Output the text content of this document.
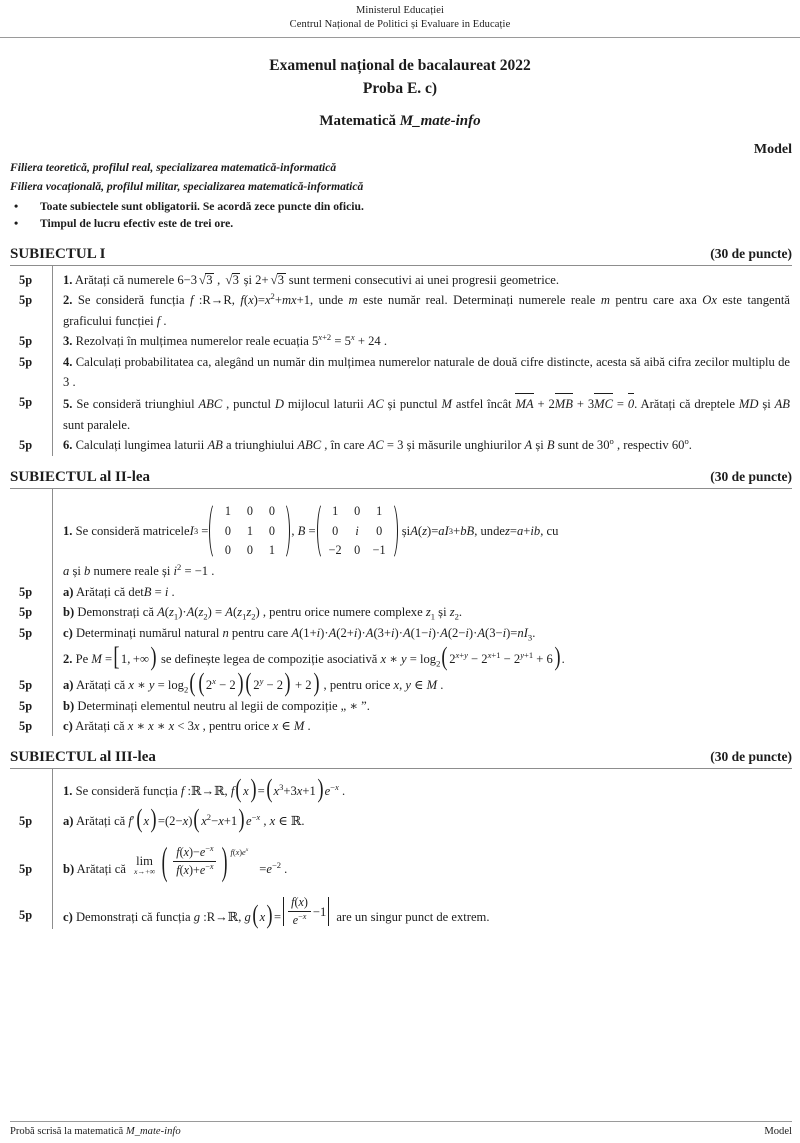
Ministerul Educației
Centrul Național de Politici și Evaluare in Educație
Examenul național de bacalaureat 2022
Proba E. c)
Matematică M_mate-info
Model
Filiera teoretică, profilul real, specializarea matematică-informatică
Filiera vocațională, profilul militar, specializarea matematică-informatică
• Toate subiectele sunt obligatorii. Se acordă zece puncte din oficiu.
• Timpul de lucru efectiv este de trei ore.
SUBIECTUL I	(30 de puncte)
5p	1. Arătați că numerele 6−3 √3 , √3 și 2+ √3 sunt termeni consecutivi ai unei progresii geometrice.
5p	2. Se consideră funcția f :R→R, $f(x)=x^2+mx+1$, unde m este număr real. Determinați numerele reale m pentru care axa Ox este tangentă graficului funcției f .
5p	3. Rezolvați în mulțimea numerelor reale ecuația $5^{x+2} = 5^x + 24$ .
5p	4. Calculați probabilitatea ca, alegând un număr din mulțimea numerelor naturale de două cifre distincte, acesta să aibă cifra zecilor multiplu de 3 .
5p	5. Se consideră triunghiul ABC , punctul D mijlocul laturii AC și punctul M astfel încât MA + 2MB + 3MC = 0. Arătați că dreptele MD și AB sunt paralele.
5p	6. Calculați lungimea laturii AB a triunghiului ABC , în care AC = 3 și măsurile unghiurilor A și B sunt de 30$^o$ , respectiv 60$^o$.
SUBIECTUL al II-lea	(30 de puncte)
1.
Se consideră matricele I 3 =
1 0 0
0 1 0
0 0 1
, B =
1 0 1
0	i	0
−2 0 −1
și A ( z )= aI 3 + bB , unde z = a + ib , cu
a și b numere reale și $i^2 = -1$ .
5p	a) Arătați că detB = i .
5p	b) Demonstrați că $A(z_1)\cdot A(z_2) = A(z_1z_2)$ , pentru orice numere complexe $z_1$ și $z_2$.
5p	c) Determinați numărul natural n pentru care $A(1+i)\cdot A(2+i)\cdot A(3+i)\cdot A(1-i)\cdot A(2-i)\cdot A(3-i)=nI_3$.
2. Pe M =[1, +∞) se definește legea de compoziție asociativă x ∗ $y = \log_2(2^{x+y} - 2^{x+1} - 2^{y+1} + 6)$.
5p	a) Arătați că x ∗ $y = \log_2((2^x - 2)(2^y - 2) + 2)$ , pentru orice x, y ∈ M .
5p	b) Determinați elementul neutru al legii de compoziție „ ∗ ”.
5p	c) Arătați că x ∗ x ∗ x < 3x , pentru orice x ∈ M .
SUBIECTUL al III-lea	(30 de puncte)
1. Se consideră funcția f :ℝ→ℝ, $f(x)=(x^3+3x+1)e^{-x}$ .
5p	a) Arătați că $f'(x)=(2-x)(x^2-x+1)e^{-x}$ , x ∈ ℝ.
5p	b) Arătați că
lim
x→+∞ ( $\frac{f(x)-e^{-x}}{f(x)+e^{-x}}$ ) $f(x)e^x$
$=e^{-2}$ .
5p	c) Demonstrați că funcția g :R→ℝ, $g(x)= \frac{f(x)}{e^{-x}} -1$ are un singur punct de extrem.
Probă scrisă la matematică M_mate-info	Model
